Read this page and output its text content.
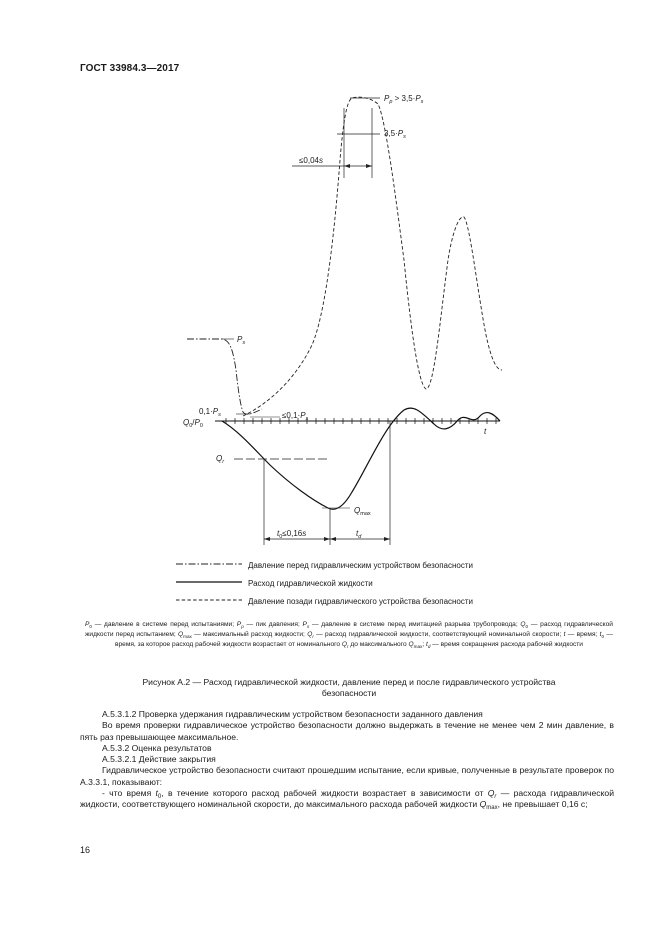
ГОСТ 33984.3—2017
$P_p > 3,5\cdot P_s$
$3,5\cdot P_s$
≤0,04s
$P_s$
$0,1\cdot P_s$	$\le 0,1\cdot P_s$
$Q_0/P_0$
t
$Q_r$
$Q_{max}$
$t_0\le 0,16s$	$t_d$
Давление перед гидравлическим устройством безопасности
Расход гидравлической жидкости
Давление позади гидравлического устройства безопасности
$P_0$ — давление в системе перед испытаниями; $P_p$ — пик давления; $P_s$ — давление в системе перед имитацией разрыва трубопровода; $Q_0$ — расход гидравлической жидкости перед испытанием; $Q_{max}$ — максимальный расход жидкости; $Q_r$ — расход гидравлической жидкости, соответствующий номинальной скорости; t — время; $t_0$ — время, за которое расход рабочей жидкости возрастает от номинального $Q_r$ до максимального $Q_{max}$; $t_d$ — время сокращения расхода рабочей жидкости
Рисунок А.2 — Расход гидравлической жидкости, давление перед и после гидравлического устройства
безопасности

А.5.3.1.2 Проверка удержания гидравлическим устройством безопасности заданного давления

Во время проверки гидравлическое устройство безопасности должно выдержать в течение не менее чем 2 мин давление, в пять раз превышающее максимальное.

А.5.3.2 Оценка результатов

А.5.3.2.1 Действие закрытия

Гидравлическое устройство безопасности считают прошедшим испытание, если кривые, полученные в результате проверок по А.3.3.1, показывают:

- что время $t_0$, в течение которого расход рабочей жидкости возрастает в зависимости от $Q_r$ — расхода гидравлической жидкости, соответствующего номинальной скорости, до максимального расхода рабочей жидкости $Q_{max}$, не превышает 0,16 с;

16
